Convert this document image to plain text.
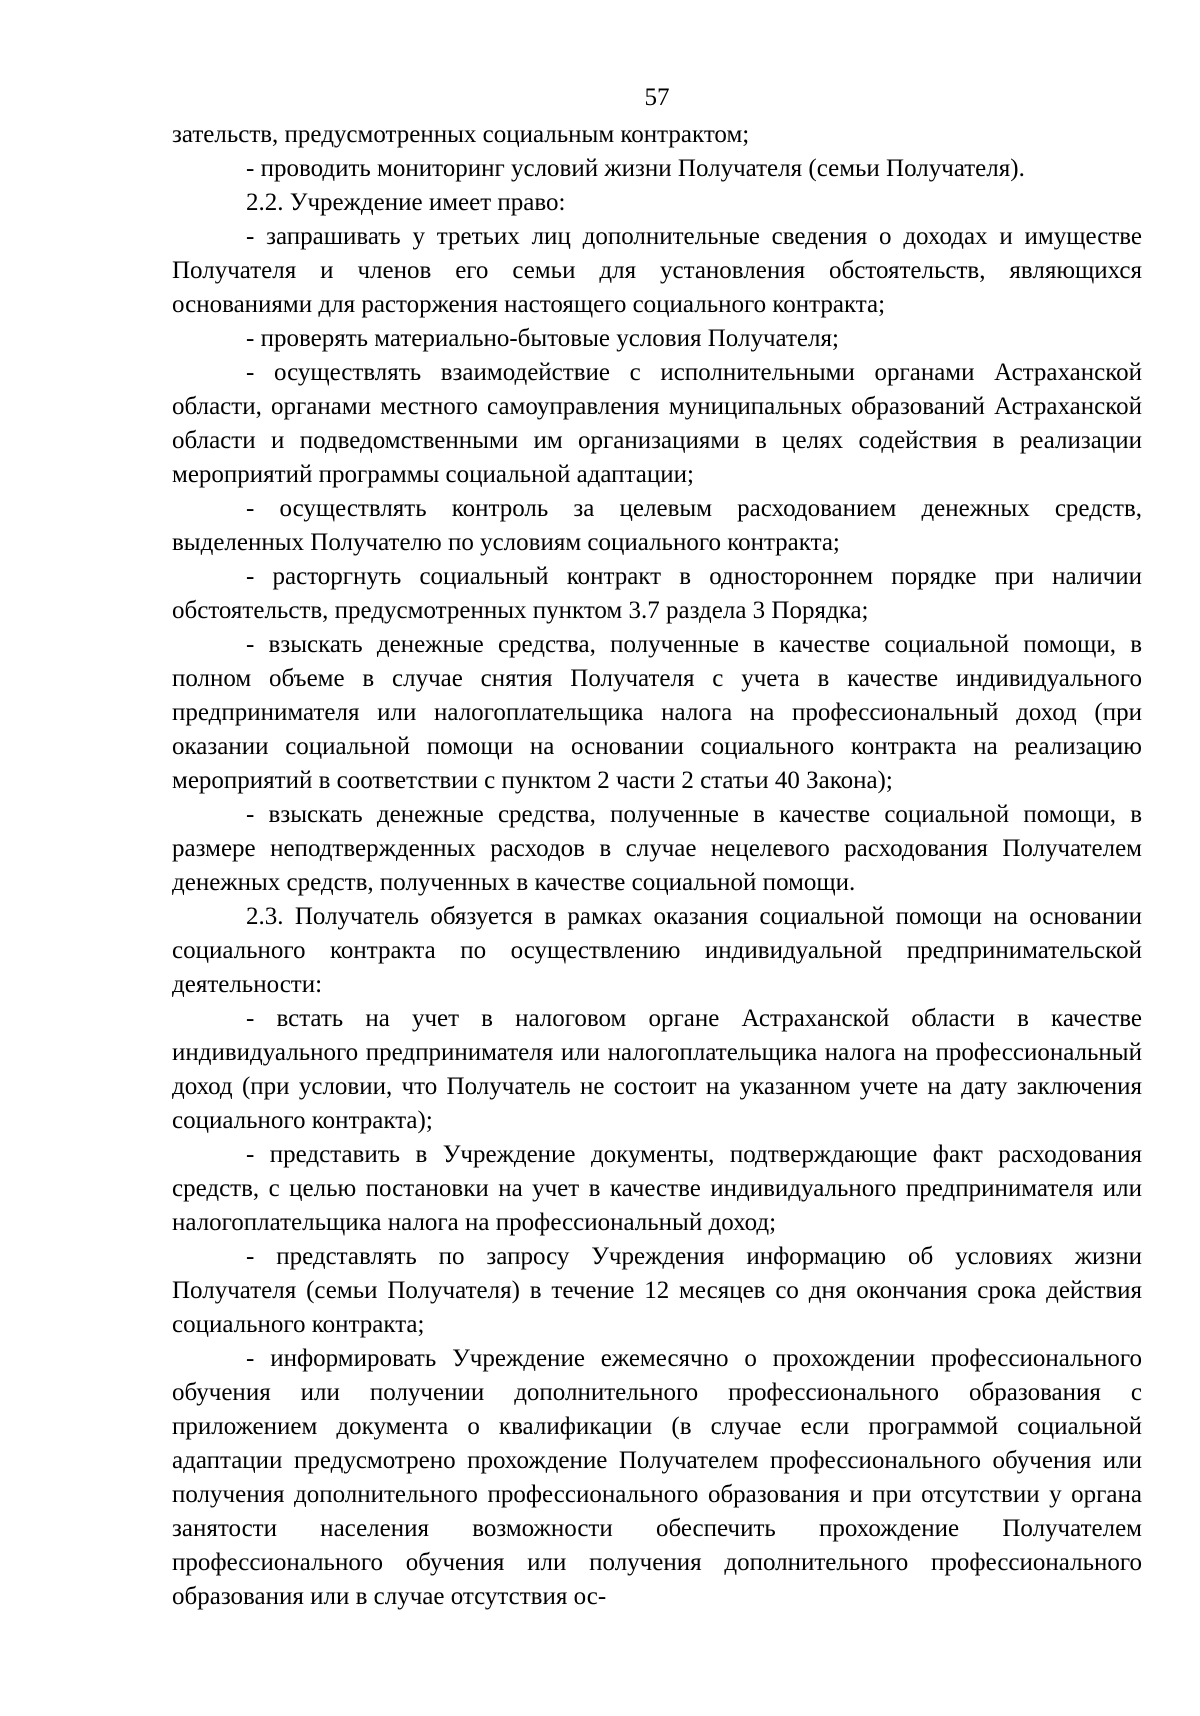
57

зательств, предусмотренных социальным контрактом;

- проводить мониторинг условий жизни Получателя (семьи Получателя).

2.2. Учреждение имеет право:

- запрашивать у третьих лиц дополнительные сведения о доходах и имуществе Получателя и членов его семьи для установления обстоятельств, являющихся основаниями для расторжения настоящего социального контракта;

- проверять материально-бытовые условия Получателя;

- осуществлять взаимодействие с исполнительными органами Астраханской области, органами местного самоуправления муниципальных образований Астраханской области и подведомственными им организациями в целях содействия в реализации мероприятий программы социальной адаптации;

- осуществлять контроль за целевым расходованием денежных средств, выделенных Получателю по условиям социального контракта;

- расторгнуть социальный контракт в одностороннем порядке при наличии обстоятельств, предусмотренных пунктом 3.7 раздела 3 Порядка;

- взыскать денежные средства, полученные в качестве социальной помощи, в полном объеме в случае снятия Получателя с учета в качестве индивидуального предпринимателя или налогоплательщика налога на профессиональный доход (при оказании социальной помощи на основании социального контракта на реализацию мероприятий в соответствии с пунктом 2 части 2 статьи 40 Закона);

- взыскать денежные средства, полученные в качестве социальной помощи, в размере неподтвержденных расходов в случае нецелевого расходования Получателем денежных средств, полученных в качестве социальной помощи.

2.3. Получатель обязуется в рамках оказания социальной помощи на основании социального контракта по осуществлению индивидуальной предпринимательской деятельности:

- встать на учет в налоговом органе Астраханской области в качестве индивидуального предпринимателя или налогоплательщика налога на профессиональный доход (при условии, что Получатель не состоит на указанном учете на дату заключения социального контракта);

- представить в Учреждение документы, подтверждающие факт расходования средств, с целью постановки на учет в качестве индивидуального предпринимателя или налогоплательщика налога на профессиональный доход;

- представлять по запросу Учреждения информацию об условиях жизни Получателя (семьи Получателя) в течение 12 месяцев со дня окончания срока действия социального контракта;

- информировать Учреждение ежемесячно о прохождении профессионального обучения или получении дополнительного профессионального образования с приложением документа о квалификации (в случае если программой социальной адаптации предусмотрено прохождение Получателем профессионального обучения или получения дополнительного профессионального образования и при отсутствии у органа занятости населения возможности обеспечить прохождение Получателем профессионального обучения или получения дополнительного профессионального образования или в случае отсутствия ос-
